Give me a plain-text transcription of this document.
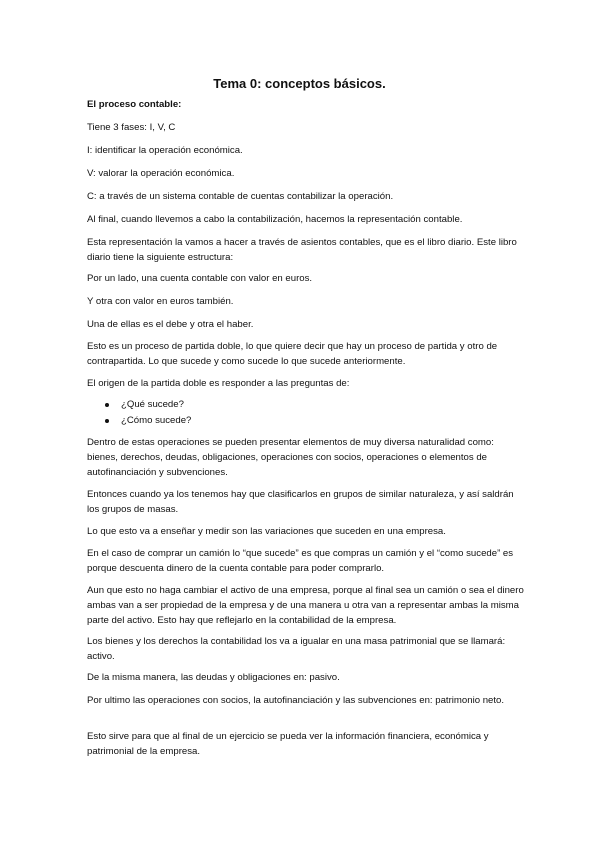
Tema 0: conceptos básicos.

El proceso contable:

Tiene 3 fases: I, V, C

I: identificar la operación económica.

V: valorar la operación económica.

C: a través de un sistema contable de cuentas contabilizar la operación.

Al final, cuando llevemos a cabo la contabilización, hacemos la representación contable.

Esta representación la vamos a hacer a través de asientos contables, que es el libro diario. Este libro diario tiene la siguiente estructura:

Por un lado, una cuenta contable con valor en euros.

Y otra con valor en euros también.

Una de ellas es el debe y otra el haber.

Esto es un proceso de partida doble, lo que quiere decir que hay un proceso de partida y otro de contrapartida. Lo que sucede y como sucede lo que sucede anteriormente.

El origen de la partida doble es responder a las preguntas de:

¿Qué sucede?
¿Cómo sucede?

Dentro de estas operaciones se pueden presentar elementos de muy diversa naturalidad como: bienes, derechos, deudas, obligaciones, operaciones con socios, operaciones o elementos de autofinanciación y subvenciones.

Entonces cuando ya los tenemos hay que clasificarlos en grupos de similar naturaleza, y así saldrán los grupos de masas.

Lo que esto va a enseñar y medir son las variaciones que suceden en una empresa.

En el caso de comprar un camión lo “que sucede” es que compras un camión y el “como sucede” es porque descuenta dinero de la cuenta contable para poder comprarlo.

Aun que esto no haga cambiar el activo de una empresa, porque al final sea un camión o sea el dinero ambas van a ser propiedad de la empresa y de una manera u otra van a representar ambas la misma parte del activo. Esto hay que reflejarlo en la contabilidad de la empresa.

Los bienes y los derechos la contabilidad los va a igualar en una masa patrimonial que se llamará: activo.

De la misma manera, las deudas y obligaciones en: pasivo.

Por ultimo las operaciones con socios, la autofinanciación y las subvenciones en: patrimonio neto.

Esto sirve para que al final de un ejercicio se pueda ver la información financiera, económica y patrimonial de la empresa.
